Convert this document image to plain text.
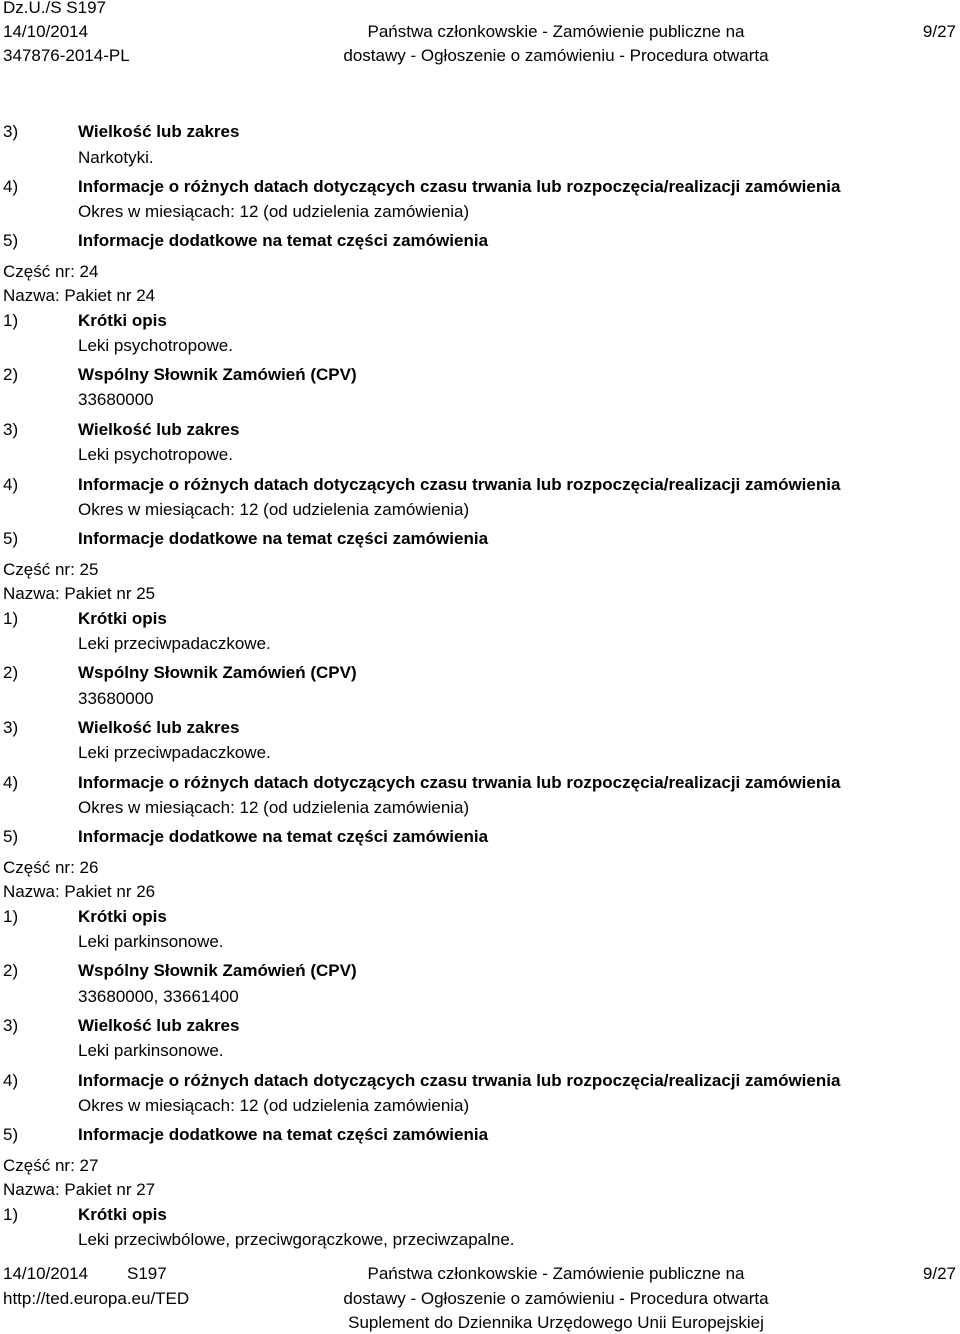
Dz.U./S S197
14/10/2014
347876-2014-PL
Państwa członkowskie - Zamówienie publiczne na
dostawy - Ogłoszenie o zamówieniu - Procedura otwarta
9/27
3)	Wielkość lub zakres
Narkotyki.
4)	Informacje o różnych datach dotyczących czasu trwania lub rozpoczęcia/realizacji zamówienia
Okres w miesiącach: 12 (od udzielenia zamówienia)
5)	Informacje dodatkowe na temat części zamówienia
Część nr: 24
Nazwa: Pakiet nr 24
1)	Krótki opis
Leki psychotropowe.
2)	Wspólny Słownik Zamówień (CPV)
33680000
3)	Wielkość lub zakres
Leki psychotropowe.
4)	Informacje o różnych datach dotyczących czasu trwania lub rozpoczęcia/realizacji zamówienia
Okres w miesiącach: 12 (od udzielenia zamówienia)
5)	Informacje dodatkowe na temat części zamówienia
Część nr: 25
Nazwa: Pakiet nr 25
1)	Krótki opis
Leki przeciwpadaczkowe.
2)	Wspólny Słownik Zamówień (CPV)
33680000
3)	Wielkość lub zakres
Leki przeciwpadaczkowe.
4)	Informacje o różnych datach dotyczących czasu trwania lub rozpoczęcia/realizacji zamówienia
Okres w miesiącach: 12 (od udzielenia zamówienia)
5)	Informacje dodatkowe na temat części zamówienia
Część nr: 26
Nazwa: Pakiet nr 26
1)	Krótki opis
Leki parkinsonowe.
2)	Wspólny Słownik Zamówień (CPV)
33680000, 33661400
3)	Wielkość lub zakres
Leki parkinsonowe.
4)	Informacje o różnych datach dotyczących czasu trwania lub rozpoczęcia/realizacji zamówienia
Okres w miesiącach: 12 (od udzielenia zamówienia)
5)	Informacje dodatkowe na temat części zamówienia
Część nr: 27
Nazwa: Pakiet nr 27
1)	Krótki opis
Leki przeciwbólowe, przeciwgorączkowe, przeciwzapalne.
14/10/2014 S197
http://ted.europa.eu/TED
Państwa członkowskie - Zamówienie publiczne na
dostawy - Ogłoszenie o zamówieniu - Procedura otwarta
Suplement do Dziennika Urzędowego Unii Europejskiej
9/27
